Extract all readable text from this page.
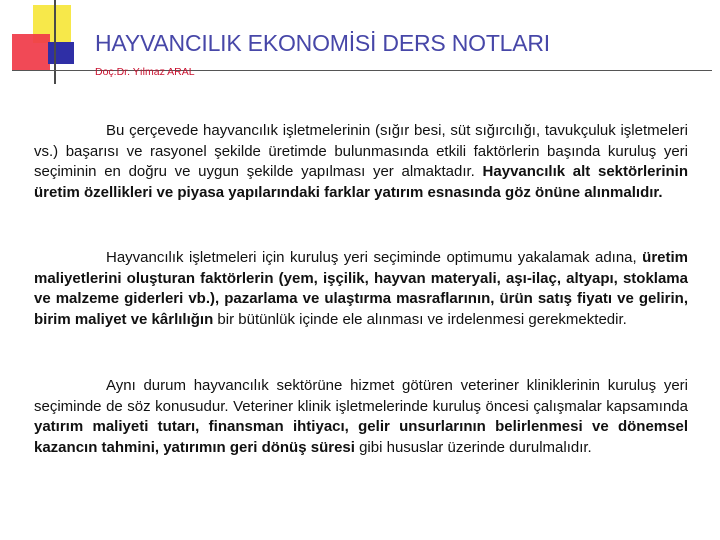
HAYVANCILIK EKONOMİSİ DERS NOTLARI
Doç.Dr. Yılmaz ARAL

Bu çerçevede hayvancılık işletmelerinin (sığır besi, süt sığırcılığı, tavukçuluk işletmeleri vs.) başarısı ve rasyonel şekilde üretimde bulunmasında etkili faktörlerin başında kuruluş yeri seçiminin en doğru ve uygun şekilde yapılması yer almaktadır. Hayvancılık alt sektörlerinin üretim özellikleri ve piyasa yapılarındaki farklar yatırım esnasında göz önüne alınmalıdır.

Hayvancılık işletmeleri için kuruluş yeri seçiminde optimumu yakalamak adına, üretim maliyetlerini oluşturan faktörlerin (yem, işçilik, hayvan materyali, aşı-ilaç, altyapı, stoklama ve malzeme giderleri vb.), pazarlama ve ulaştırma masraflarının, ürün satış fiyatı ve gelirin, birim maliyet ve kârlılığın bir bütünlük içinde ele alınması ve irdelenmesi gerekmektedir.

Aynı durum hayvancılık sektörüne hizmet götüren veteriner kliniklerinin kuruluş yeri seçiminde de söz konusudur. Veteriner klinik işletmelerinde kuruluş öncesi çalışmalar kapsamında yatırım maliyeti tutarı, finansman ihtiyacı, gelir unsurlarının belirlenmesi ve dönemsel kazancın tahmini, yatırımın geri dönüş süresi gibi hususlar üzerinde durulmalıdır.
